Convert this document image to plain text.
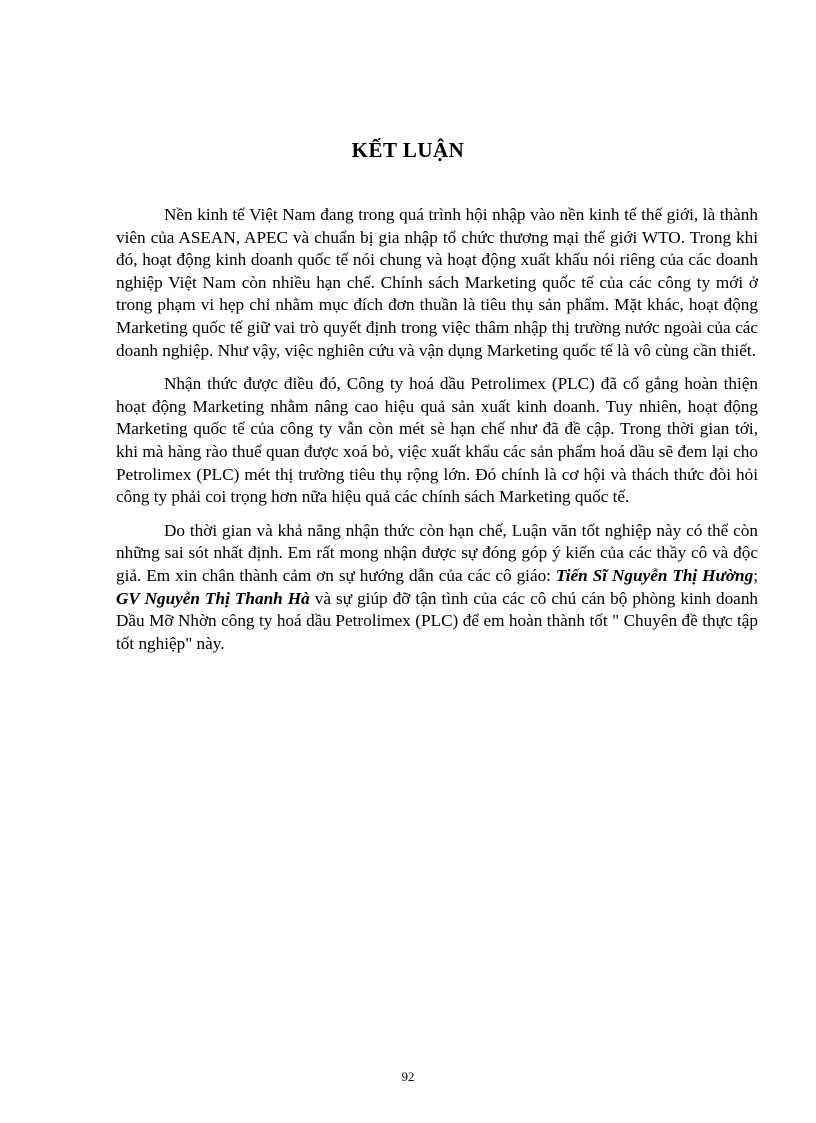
KẾT LUẬN

Nền kinh tế Việt Nam đang trong quá trình hội nhập vào nền kinh tế thế giới, là thành viên của ASEAN, APEC và chuẩn bị gia nhập tổ chức thương mại thế giới WTO. Trong khi đó, hoạt động kinh doanh quốc tế nói chung và hoạt động xuất khẩu nói riêng của các doanh nghiệp Việt Nam còn nhiều hạn chế. Chính sách Marketing quốc tế của các công ty mới ở trong phạm vi hẹp chỉ nhằm mục đích đơn thuần là tiêu thụ sản phẩm. Mặt khác, hoạt động Marketing quốc tế giữ vai trò quyết định trong việc thâm nhập thị trường nước ngoài của các doanh nghiệp. Như vậy, việc nghiên cứu và vận dụng Marketing quốc tế là vô cùng cần thiết.

Nhận thức được điều đó, Công ty hoá dầu Petrolimex (PLC) đã cố gắng hoàn thiện hoạt động Marketing nhằm nâng cao hiệu quả sản xuất kinh doanh. Tuy nhiên, hoạt động Marketing quốc tế của công ty vẫn còn mét sè hạn chế như đã đề cập. Trong thời gian tới, khi mà hàng rào thuế quan được xoá bỏ, việc xuất khẩu các sản phẩm hoá dầu sẽ đem lại cho Petrolimex (PLC) mét thị trường tiêu thụ rộng lớn. Đó chính là cơ hội và thách thức đòi hỏi công ty phải coi trọng hơn nữa hiệu quả các chính sách Marketing quốc tế.

Do thời gian và khả năng nhận thức còn hạn chế, Luận văn tốt nghiệp này có thể còn những sai sót nhất định. Em rất mong nhận được sự đóng góp ý kiến của các thầy cô và độc giả. Em xin chân thành cảm ơn sự hướng dẫn của các cô giáo: Tiến Sĩ Nguyễn Thị Hường; GV Nguyễn Thị Thanh Hà và sự giúp đỡ tận tình của các cô chú cán bộ phòng kinh doanh Dầu Mỡ Nhờn công ty hoá dầu Petrolimex (PLC) để em hoàn thành tốt " Chuyên đề thực tập tốt nghiệp" này.

92
